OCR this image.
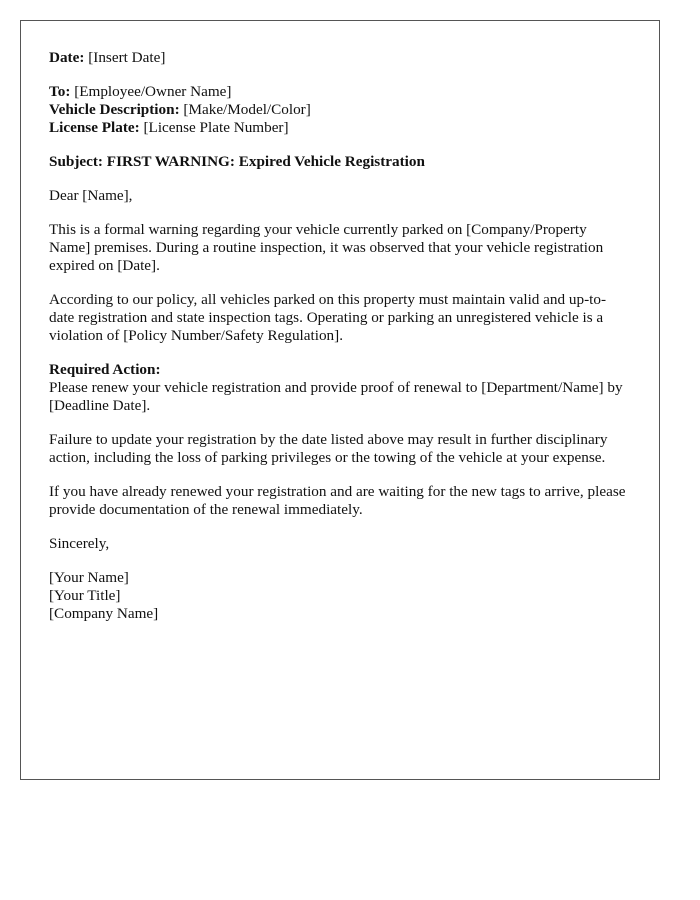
Date: [Insert Date]
To: [Employee/Owner Name]
Vehicle Description: [Make/Model/Color]
License Plate: [License Plate Number]
Subject: FIRST WARNING: Expired Vehicle Registration
Dear [Name],
This is a formal warning regarding your vehicle currently parked on [Company/Property Name] premises. During a routine inspection, it was observed that your vehicle registration expired on [Date].
According to our policy, all vehicles parked on this property must maintain valid and up-to-date registration and state inspection tags. Operating or parking an unregistered vehicle is a violation of [Policy Number/Safety Regulation].
Required Action:
Please renew your vehicle registration and provide proof of renewal to [Department/Name] by [Deadline Date].
Failure to update your registration by the date listed above may result in further disciplinary action, including the loss of parking privileges or the towing of the vehicle at your expense.
If you have already renewed your registration and are waiting for the new tags to arrive, please provide documentation of the renewal immediately.
Sincerely,
[Your Name]
[Your Title]
[Company Name]
